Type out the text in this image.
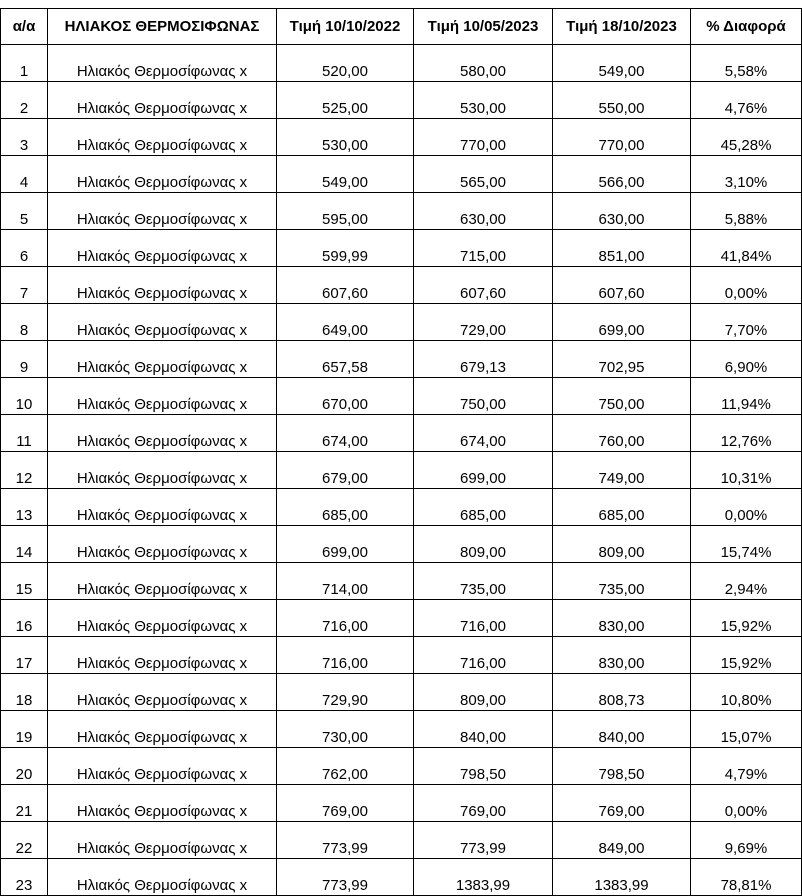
α/α	ΗΛΙΑΚΟΣ ΘΕΡΜΟΣΙΦΩΝΑΣ	Τιμή 10/10/2022	Τιμή 10/05/2023	Τιμή 18/10/2023	% Διαφορά
1	Ηλιακός Θερμοσίφωνας x	520,00	580,00	549,00	5,58%
2	Ηλιακός Θερμοσίφωνας x	525,00	530,00	550,00	4,76%
3	Ηλιακός Θερμοσίφωνας x	530,00	770,00	770,00	45,28%
4	Ηλιακός Θερμοσίφωνας x	549,00	565,00	566,00	3,10%
5	Ηλιακός Θερμοσίφωνας x	595,00	630,00	630,00	5,88%
6	Ηλιακός Θερμοσίφωνας x	599,99	715,00	851,00	41,84%
7	Ηλιακός Θερμοσίφωνας x	607,60	607,60	607,60	0,00%
8	Ηλιακός Θερμοσίφωνας x	649,00	729,00	699,00	7,70%
9	Ηλιακός Θερμοσίφωνας x	657,58	679,13	702,95	6,90%
10	Ηλιακός Θερμοσίφωνας x	670,00	750,00	750,00	11,94%
11	Ηλιακός Θερμοσίφωνας x	674,00	674,00	760,00	12,76%
12	Ηλιακός Θερμοσίφωνας x	679,00	699,00	749,00	10,31%
13	Ηλιακός Θερμοσίφωνας x	685,00	685,00	685,00	0,00%
14	Ηλιακός Θερμοσίφωνας x	699,00	809,00	809,00	15,74%
15	Ηλιακός Θερμοσίφωνας x	714,00	735,00	735,00	2,94%
16	Ηλιακός Θερμοσίφωνας x	716,00	716,00	830,00	15,92%
17	Ηλιακός Θερμοσίφωνας x	716,00	716,00	830,00	15,92%
18	Ηλιακός Θερμοσίφωνας x	729,90	809,00	808,73	10,80%
19	Ηλιακός Θερμοσίφωνας x	730,00	840,00	840,00	15,07%
20	Ηλιακός Θερμοσίφωνας x	762,00	798,50	798,50	4,79%
21	Ηλιακός Θερμοσίφωνας x	769,00	769,00	769,00	0,00%
22	Ηλιακός Θερμοσίφωνας x	773,99	773,99	849,00	9,69%
23	Ηλιακός Θερμοσίφωνας x	773,99	1383,99	1383,99	78,81%
